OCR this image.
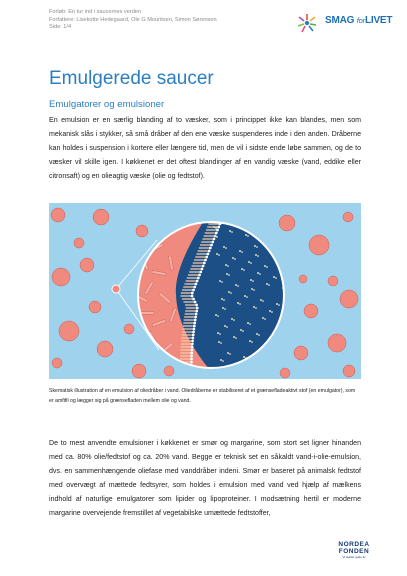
Forløb: En tur ind i saucernes verden
Forfattere: Lisekotte Hedegaard, Ole G Mouritsen, Simon Sørensen
Side: 1/4
SMAG forLIVET
Emulgerede saucer
Emulgatorer og emulsioner

En emulsion er en særlig blanding af to væsker, som i princippet ikke kan blandes, men som mekanisk slås i stykker, så små dråber af den ene væske suspenderes inde i den anden. Dråberne kan holdes i suspension i kortere eller længere tid, men de vil i sidste ende løbe sammen, og de to væsker vil skille igen. I køkkenet er det oftest blandinger af en vandig væske (vand, eddike eller citronsaft) og en olieagtig væske (olie og fedtstof).

Skematisk illustration af en emulsion af oliedråber i vand. Oliedråberne er stabiliseret af et grænsefladeaktivt stof (en emulgator), som er amfifil og lægger sig på grænsefladen mellem olie og vand.

De to mest anvendte emulsioner i køkkenet er smør og margarine, som stort set ligner hinanden med ca. 80% olie/fedtstof og ca. 20% vand. Begge er teknisk set en såkaldt vand-i-olie-emulsion, dvs. en sammenhængende oliefase med vanddråber indeni. Smør er baseret på animalsk fedtstof med overvægt af mættede fedtsyrer, som holdes i emulsion med vand ved hjælp af mælkens indhold af naturlige emulgatorer som lipider og lipoproteiner. I modsætning hertil er moderne margarine overvejende fremstillet af vegetabilske umættede fedtstoffer,

NORDEA
FONDEN
Vi støtter gode liv
